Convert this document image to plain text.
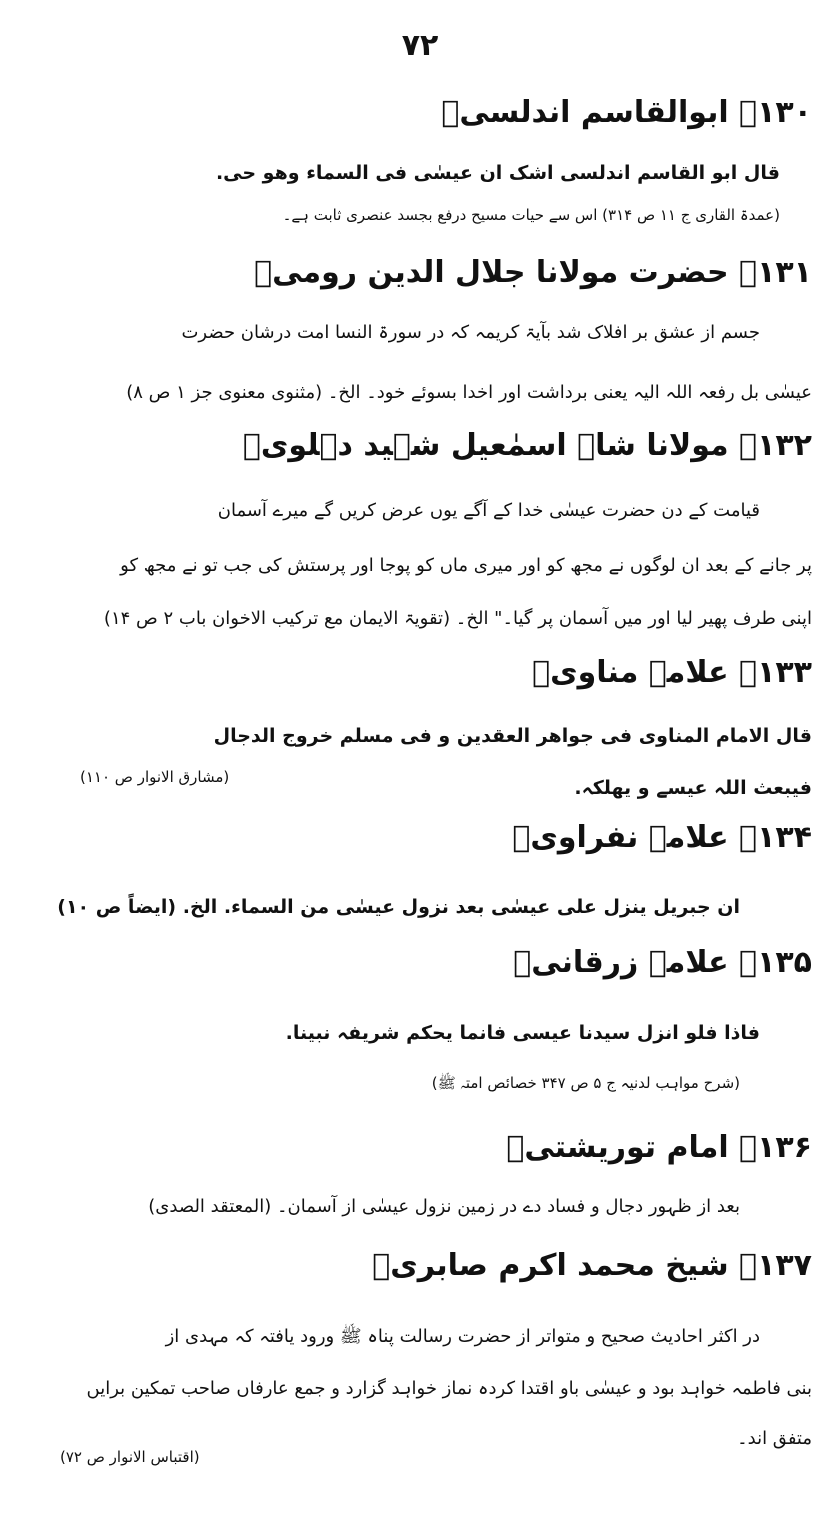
۷۲
۱۳۰۔ ابوالقاسم اندلسیؒ
قال ابو القاسم اندلسی اشک ان عیسٰی فی السماء وھو حی.
(عمدۃ القاری ج ۱۱ ص ۳۱۴) اس سے حیات مسیح درفع بجسد عنصری ثابت ہے۔
۱۳۱۔ حضرت مولانا جلال الدین رومیؒ
جسم از عشق بر افلاک شد بآیۃ کریمہ کہ در سورۃ النسا امت درشان حضرت
عیسٰی بل رفعہ اللہ الیہ یعنی برداشت اور اخدا بسوئے خود۔ الخ۔ (مثنوی معنوی جز ۱ ص ۸)
۱۳۲۔ مولانا شاہ اسمٰعیل شہید دہلویؒ
قیامت کے دن حضرت عیسٰی خدا کے آگے یوں عرض کریں گے میرے آسمان
پر جانے کے بعد ان لوگوں نے مجھ کو اور میری ماں کو پوجا اور پرستش کی جب تو نے مجھ کو
اپنی طرف پھیر لیا اور میں آسمان پر گیا۔" الخ۔ (تقویۃ الایمان مع ترکیب الاخوان باب ۲ ص ۱۴)
۱۳۳۔ علامہ مناویؒ
قال الامام المناوی فی جواھر العقدین و فی مسلم خروج الدجال
فیبعث اللہ عیسے و یھلکہ.
(مشارق الانوار ص ۱۱۰)
۱۳۴۔ علامہ نفراویؒ
ان جبریل ینزل علی عیسٰی بعد نزول عیسٰی من السماء. الخ. (ایضاً ص ۱۰)
۱۳۵۔ علامہ زرقانیؒ
فاذا فلو انزل سیدنا عیسی فانما یحکم شریفہ نبینا.
(شرح مواہب لدنیہ ج ۵ ص ۳۴۷ خصائص امتہ ﷺ)
۱۳۶۔ امام توریشتیؒ
بعد از ظہور دجال و فساد دے در زمین نزول عیسٰی از آسمان۔ (المعتقد الصدی)
۱۳۷۔ شیخ محمد اکرم صابریؒ
در اکثر احادیث صحیح و متواتر از حضرت رسالت پناہ ﷺ ورود یافتہ کہ مہدی از
بنی فاطمہ خواہد بود و عیسٰی باو اقتدا کردہ نماز خواہد گزارد و جمع عارفاں صاحب تمکین برایں
متفق اند۔
(اقتباس الانوار ص ۷۲)
